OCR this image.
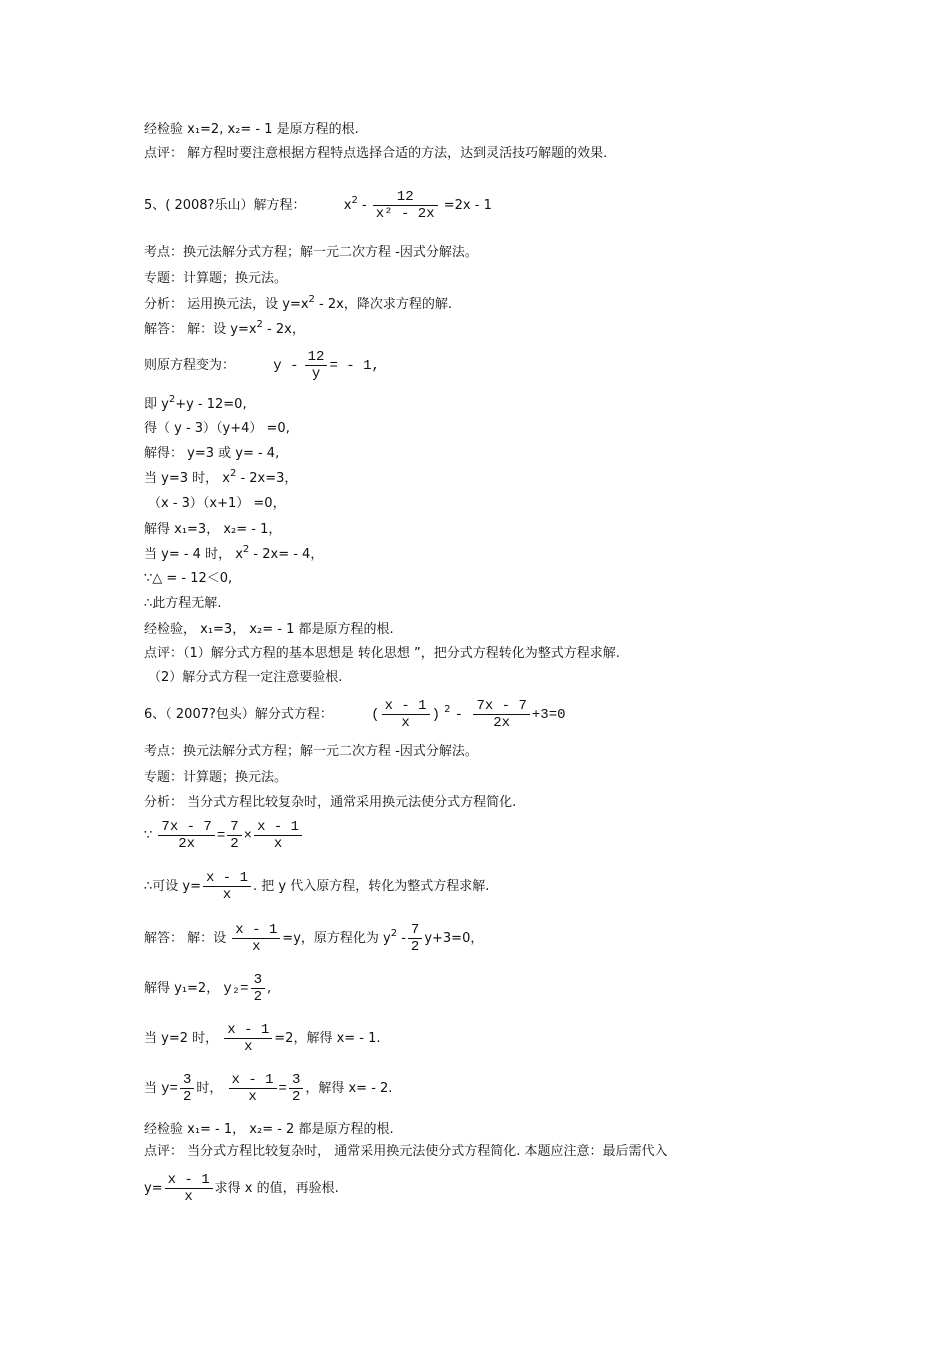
经检验 x₁=2, x₂= - 1 是原方程的根.
点评： 解方程时要注意根据方程特点选择合适的方法，达到灵活技巧解题的效果.
5、( 2008?乐山）解方程：	$x^2 - \frac{12}{\text{x² - 2x}} =2x - 1$
考点：换元法解分式方程；解一元二次方程 -因式分解法。
专题：计算题；换元法。
分析： 运用换元法，设 $y=x^2 - 2x$，降次求方程的解.
解答： 解：设 $y=x^2 - 2x$，
则原方程变为：	y - $\frac{12}{y}$ = - 1,
即 $y^2+y - 12=0$,
得（ y - 3）（y+4） =0,
解得： y=3 或 y= - 4,
当 y=3 时， $x^2 - 2x=3$，
（x - 3）（x+1） =0，
解得 x₁=3， x₂= - 1，
当 y= - 4 时， $x^2 - 2x= - 4$，
∵△ = - 12＜0,
∴此方程无解.
经检验， x₁=3， x₂= - 1 都是原方程的根.
点评：（1）解分式方程的基本思想是 转化思想 ”，把分式方程转化为整式方程求解.
（2）解分式方程一定注意要验根.
6、（ 2007?包头）解分式方程：	( $\frac{x - 1}{x}$ ) $^2 - \frac{7x - 7}{2x} +3=0$
考点：换元法解分式方程；解一元二次方程 -因式分解法。
专题：计算题；换元法。
分析： 当分式方程比较复杂时，通常采用换元法使分式方程简化.
∵ $\frac{7x - 7}{2x} = \frac{7}{2} \times \frac{x - 1}{x}$
∴可设 $y= \frac{x - 1}{x}$ . 把 y 代入原方程，转化为整式方程求解.
解答： 解：设 $\frac{x - 1}{x} =y$，原方程化为 $y^2 - \frac{7}{2} y+3=0$，
解得 y₁=2， $y_2= \frac{3}{2}$ ,
当 y=2 时， $\frac{x - 1}{x} =2$，解得 x= - 1.
当 $y= \frac{3}{2}$ 时， $\frac{x - 1}{x} = \frac{3}{2}$ ，解得 x= - 2.
经检验 x₁= - 1， x₂= - 2 都是原方程的根.
点评： 当分式方程比较复杂时， 通常采用换元法使分式方程简化. 本题应注意：最后需代入
$y= \frac{x - 1}{x}$ 求得 x 的值，再验根.
